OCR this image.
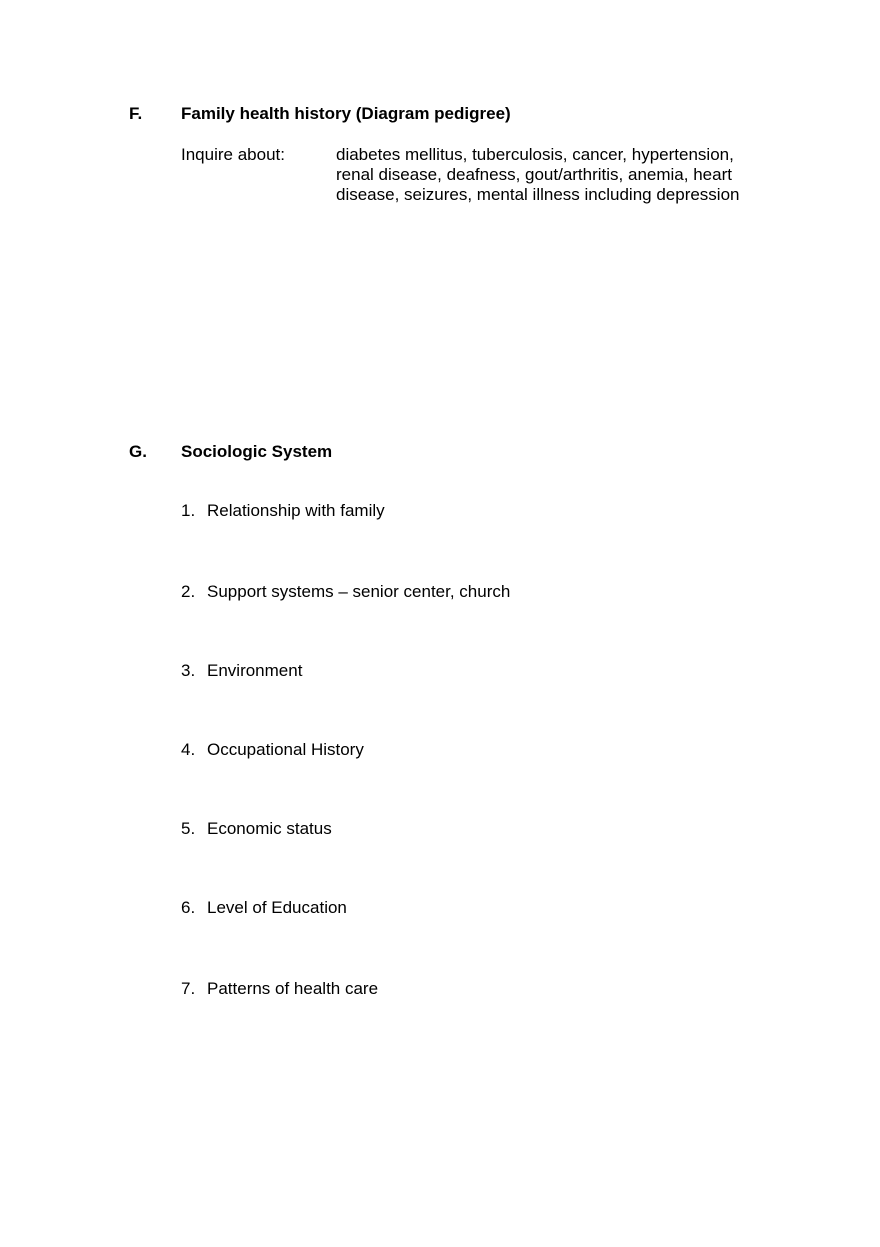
F. Family health history (Diagram pedigree)
Inquire about:	diabetes mellitus, tuberculosis, cancer, hypertension,
renal disease, deafness, gout/arthritis, anemia, heart
disease, seizures, mental illness including depression
G. Sociologic System
1. Relationship with family
2. Support systems – senior center, church
3. Environment
4. Occupational History
5. Economic status
6. Level of Education
7. Patterns of health care
